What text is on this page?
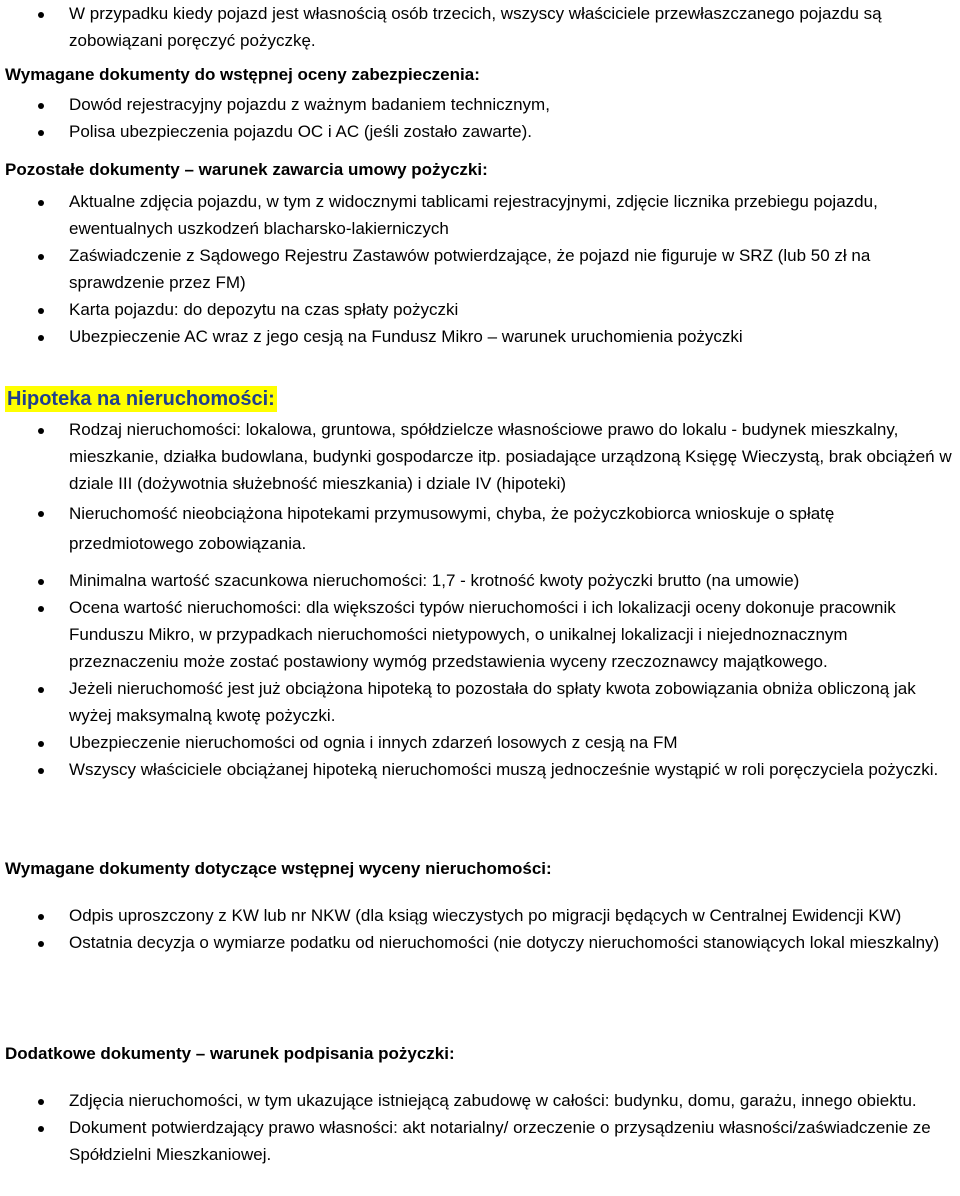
W przypadku kiedy pojazd jest własnością osób trzecich, wszyscy właściciele przewłaszczanego pojazdu są zobowiązani poręczyć pożyczkę.
Wymagane dokumenty do wstępnej oceny zabezpieczenia:
Dowód rejestracyjny pojazdu z ważnym badaniem technicznym,
Polisa ubezpieczenia pojazdu OC i AC (jeśli zostało zawarte).
Pozostałe dokumenty – warunek zawarcia umowy pożyczki:
Aktualne zdjęcia pojazdu, w tym z widocznymi tablicami rejestracyjnymi, zdjęcie licznika przebiegu pojazdu, ewentualnych uszkodzeń blacharsko-lakierniczych
Zaświadczenie z Sądowego Rejestru Zastawów potwierdzające, że pojazd nie figuruje w SRZ (lub 50 zł na sprawdzenie przez FM)
Karta pojazdu: do depozytu na czas spłaty pożyczki
Ubezpieczenie AC wraz z jego cesją na Fundusz Mikro – warunek uruchomienia pożyczki
Hipoteka na nieruchomości:
Rodzaj nieruchomości: lokalowa, gruntowa, spółdzielcze własnościowe prawo do lokalu - budynek mieszkalny, mieszkanie, działka budowlana, budynki gospodarcze itp. posiadające urządzoną Księgę Wieczystą, brak obciążeń w dziale III (dożywotnia służebność mieszkania) i dziale IV (hipoteki)
Nieruchomość nieobciążona hipotekami przymusowymi, chyba, że pożyczkobiorca wnioskuje o spłatę przedmiotowego zobowiązania.
Minimalna wartość szacunkowa nieruchomości: 1,7 - krotność kwoty pożyczki brutto (na umowie)
Ocena wartość nieruchomości: dla większości typów nieruchomości i ich lokalizacji oceny dokonuje pracownik Funduszu Mikro, w przypadkach nieruchomości nietypowych, o unikalnej lokalizacji i niejednoznacznym przeznaczeniu może zostać postawiony wymóg przedstawienia wyceny rzeczoznawcy majątkowego.
Jeżeli nieruchomość jest już obciążona hipoteką to pozostała do spłaty kwota zobowiązania obniża obliczoną jak wyżej maksymalną kwotę pożyczki.
Ubezpieczenie nieruchomości od ognia i innych zdarzeń losowych z cesją na FM
Wszyscy właściciele obciążanej hipoteką nieruchomości muszą jednocześnie wystąpić w roli poręczyciela pożyczki.
Wymagane dokumenty dotyczące wstępnej wyceny nieruchomości:
Odpis uproszczony z KW lub nr NKW (dla ksiąg wieczystych po migracji będących w Centralnej Ewidencji KW)
Ostatnia decyzja o wymiarze podatku od nieruchomości (nie dotyczy nieruchomości stanowiących lokal mieszkalny)
Dodatkowe dokumenty – warunek podpisania pożyczki:
Zdjęcia nieruchomości, w tym ukazujące istniejącą zabudowę w całości: budynku, domu, garażu, innego obiektu.
Dokument potwierdzający prawo własności: akt notarialny/ orzeczenie o przysądzeniu własności/zaświadczenie ze Spółdzielni Mieszkaniowej.
